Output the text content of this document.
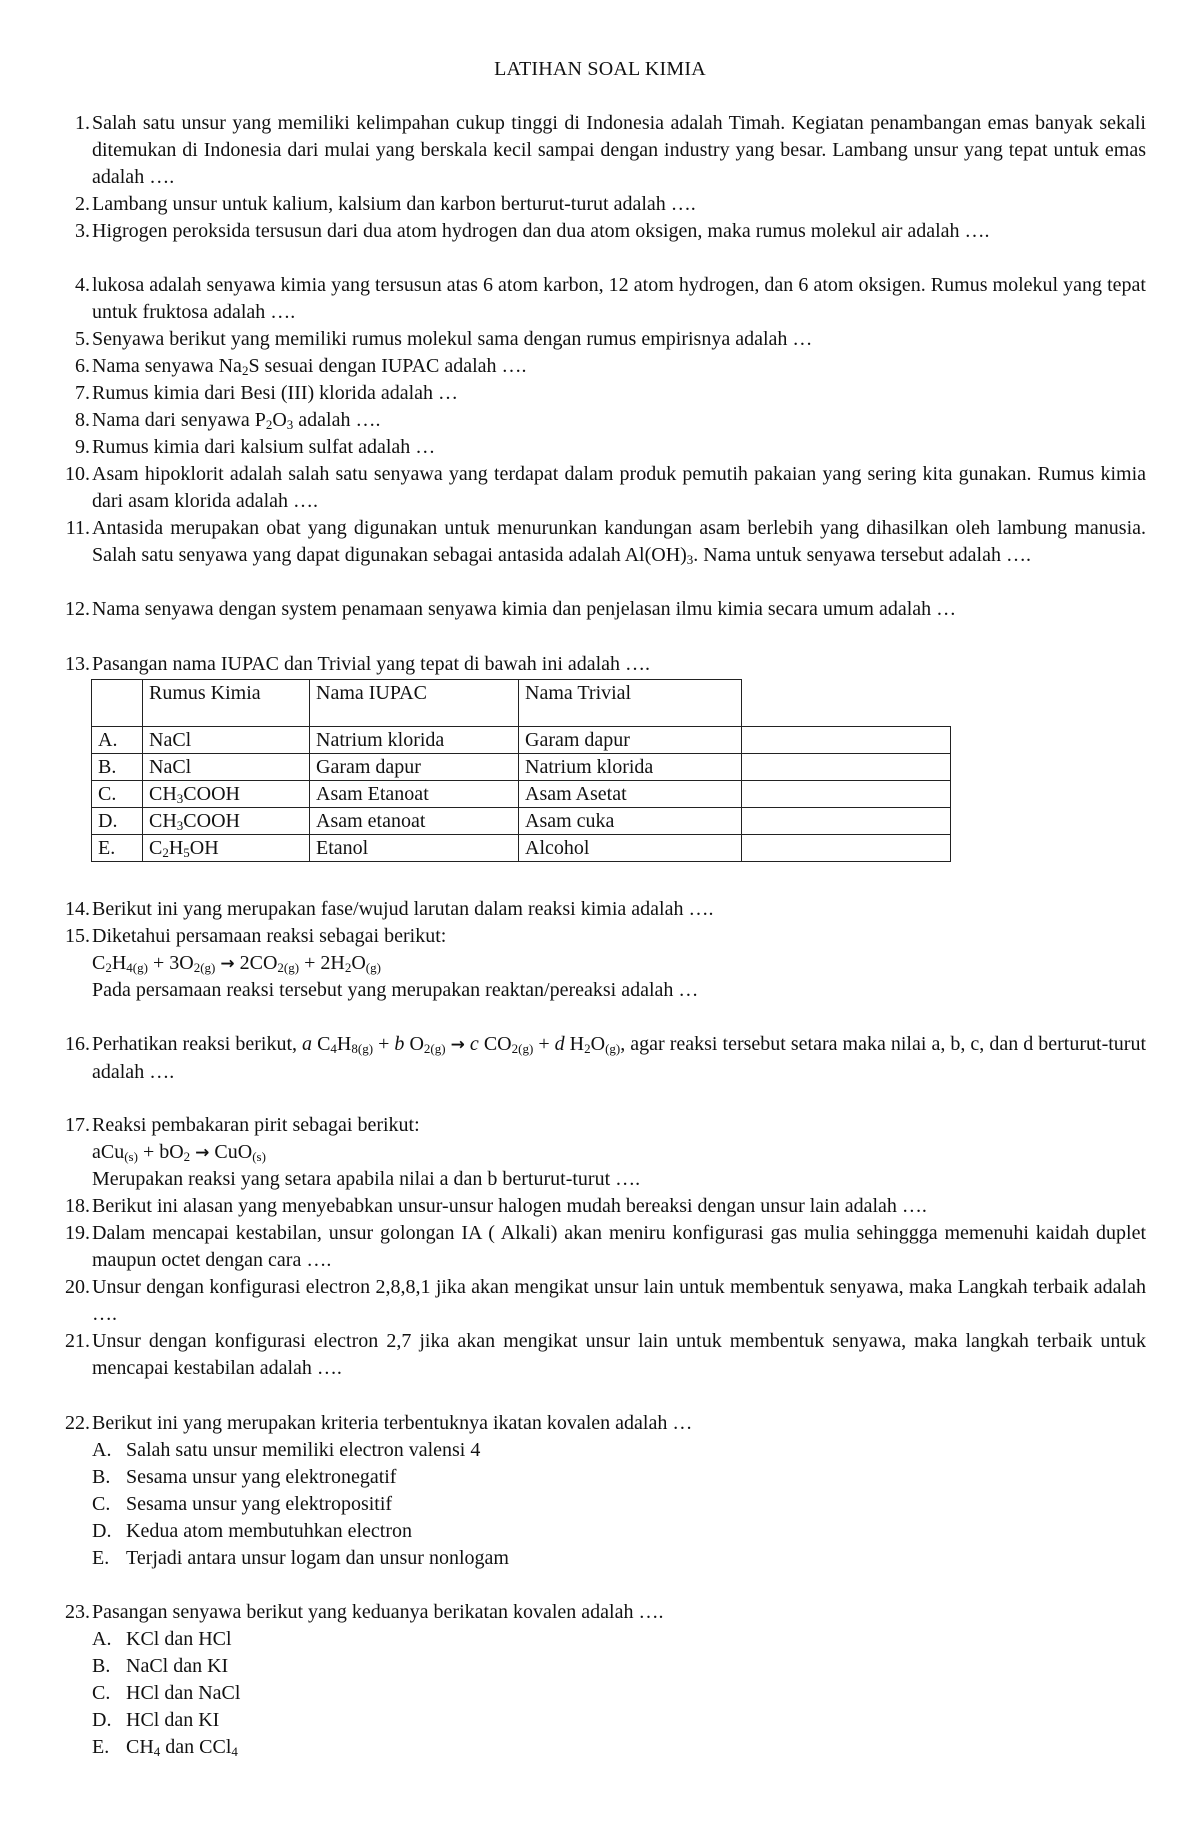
LATIHAN SOAL KIMIA
1. Salah satu unsur yang memiliki kelimpahan cukup tinggi di Indonesia adalah Timah. Kegiatan penambangan emas banyak sekali ditemukan di Indonesia dari mulai yang berskala kecil sampai dengan industry yang besar. Lambang unsur yang tepat untuk emas adalah ….
2. Lambang unsur untuk kalium, kalsium dan karbon berturut-turut adalah ….
3. Higrogen peroksida tersusun dari dua atom hydrogen dan dua atom oksigen, maka rumus molekul air adalah ….
4. lukosa adalah senyawa kimia yang tersusun atas 6 atom karbon, 12 atom hydrogen, dan 6 atom oksigen. Rumus molekul yang tepat untuk fruktosa adalah ….
5. Senyawa berikut yang memiliki rumus molekul sama dengan rumus empirisnya adalah …
6. Nama senyawa $Na_2S$ sesuai dengan IUPAC adalah ….
7. Rumus kimia dari Besi (III) klorida adalah …
8. Nama dari senyawa $P_2O_3$ adalah ….
9. Rumus kimia dari kalsium sulfat adalah …
10. Asam hipoklorit adalah salah satu senyawa yang terdapat dalam produk pemutih pakaian yang sering kita gunakan. Rumus kimia dari asam klorida adalah ….
11. Antasida merupakan obat yang digunakan untuk menurunkan kandungan asam berlebih yang dihasilkan oleh lambung manusia. Salah satu senyawa yang dapat digunakan sebagai antasida adalah $Al(OH)_3$. Nama untuk senyawa tersebut adalah ….
12. Nama senyawa dengan system penamaan senyawa kimia dan penjelasan ilmu kimia secara umum adalah …
13. Pasangan nama IUPAC dan Trivial yang tepat di bawah ini adalah ….
	Rumus Kimia	Nama IUPAC	Nama Trivial	
A.	NaCl	Natrium klorida	Garam dapur	
B.	NaCl	Garam dapur	Natrium klorida	
C.	$CH_3COOH$	Asam Etanoat	Asam Asetat	
D.	$CH_3COOH$	Asam etanoat	Asam cuka	
E.	$C_2H_5OH$	Etanol	Alcohol	
14. Berikut ini yang merupakan fase/wujud larutan dalam reaksi kimia adalah ….
15. Diketahui persamaan reaksi sebagai berikut:
$C_2H_{4(g)} + 3O_{2(g)} \to 2CO_{2(g)} + 2H_2O_{(g)}$
Pada persamaan reaksi tersebut yang merupakan reaktan/pereaksi adalah …
16. Perhatikan reaksi berikut, a $C_4H_{8(g)} + b$ $O_{2(g)} \to c$ $CO_{2(g)} + d$ $H_2O_{(g)}$, agar reaksi tersebut setara maka nilai a, b, c, dan d berturut-turut adalah ….
17. Reaksi pembakaran pirit sebagai berikut:
$aCu_{(s)} + bO_2 \to CuO_{(s)}$
Merupakan reaksi yang setara apabila nilai a dan b berturut-turut ….
18. Berikut ini alasan yang menyebabkan unsur-unsur halogen mudah bereaksi dengan unsur lain adalah ….
19. Dalam mencapai kestabilan, unsur golongan IA ( Alkali) akan meniru konfigurasi gas mulia sehinggga memenuhi kaidah duplet maupun octet dengan cara ….
20. Unsur dengan konfigurasi electron 2,8,8,1 jika akan mengikat unsur lain untuk membentuk senyawa, maka Langkah terbaik adalah ….
21. Unsur dengan konfigurasi electron 2,7 jika akan mengikat unsur lain untuk membentuk senyawa, maka langkah terbaik untuk mencapai kestabilan adalah ….
22. Berikut ini yang merupakan kriteria terbentuknya ikatan kovalen adalah …
A. Salah satu unsur memiliki electron valensi 4
B. Sesama unsur yang elektronegatif
C. Sesama unsur yang elektropositif
D. Kedua atom membutuhkan electron
E. Terjadi antara unsur logam dan unsur nonlogam
23. Pasangan senyawa berikut yang keduanya berikatan kovalen adalah ….
A. KCl dan HCl
B. NaCl dan KI
C. HCl dan NaCl
D. HCl dan KI
E. $CH_4$ dan CCl$_4$
